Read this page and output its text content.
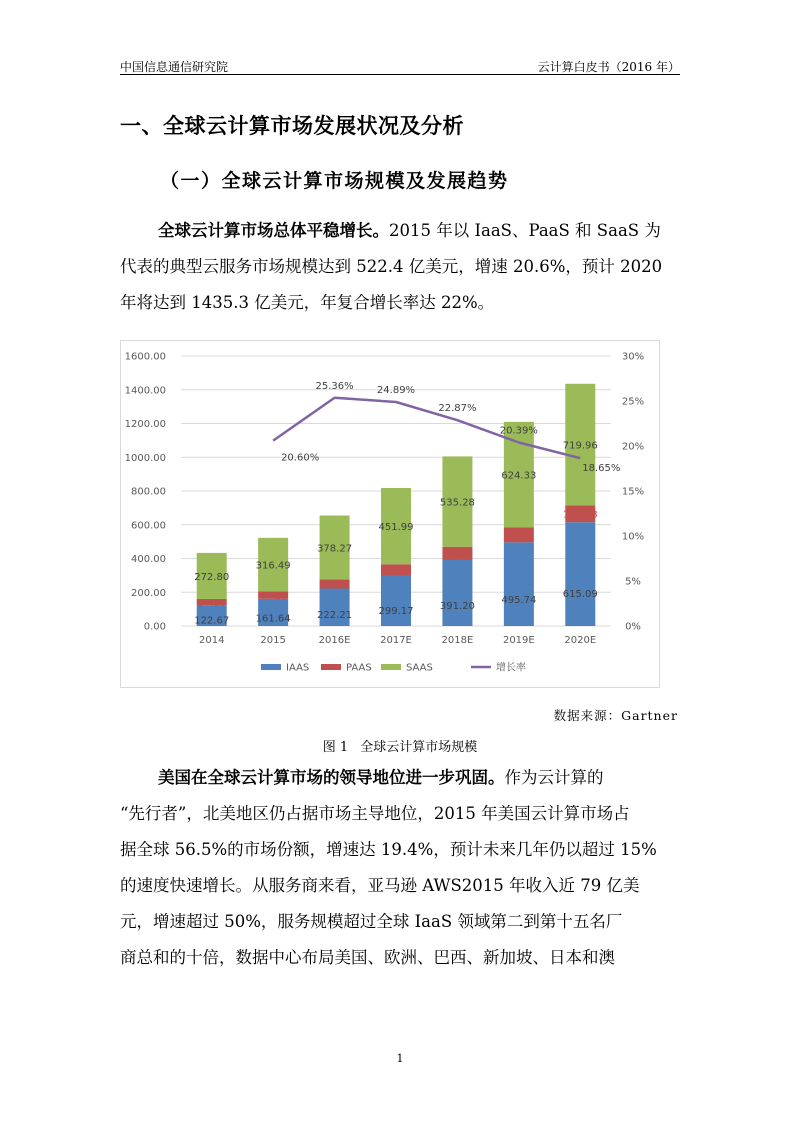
中国信息通信研究院	云计算白皮书（2016 年）
一、全球云计算市场发展状况及分析
（一）全球云计算市场规模及发展趋势
全球云计算市场总体平稳增长。2015 年以 IaaS、PaaS 和 SaaS 为
代表的典型云服务市场规模达到 522.4 亿美元，增速 20.6%，预计 2020
年将达到 1435.3 亿美元，年复合增长率达 22%。
0.00
200.00
400.00
600.00
800.00
1000.00
1200.00
1400.00
1600.00
0%
5%
10%
15%
20%
25%
30%
2014	2015	2016E	2017E	2018E	2019E	2020E
122.67
37.69
272.80
161.64
44.25
316.49
222.21
54.35
378.27
299.17
66.66
451.99
391.20
78.38
535.28
495.74
89.64
624.33
615.09
100.23
719.96
20.60%
25.36% 24.89%
22.87%
20.39%
18.65%
IAAS	PAAS	SAAS	增长率
数据来源：Gartner
图 1 全球云计算市场规模
美国在全球云计算市场的领导地位进一步巩固。作为云计算的
“先行者”，北美地区仍占据市场主导地位，2015 年美国云计算市场占
据全球 56.5%的市场份额，增速达 19.4%，预计未来几年仍以超过 15%
的速度快速增长。从服务商来看，亚马逊 AWS2015 年收入近 79 亿美
元，增速超过 50%，服务规模超过全球 IaaS 领域第二到第十五名厂
商总和的十倍，数据中心布局美国、欧洲、巴西、新加坡、日本和澳
1
